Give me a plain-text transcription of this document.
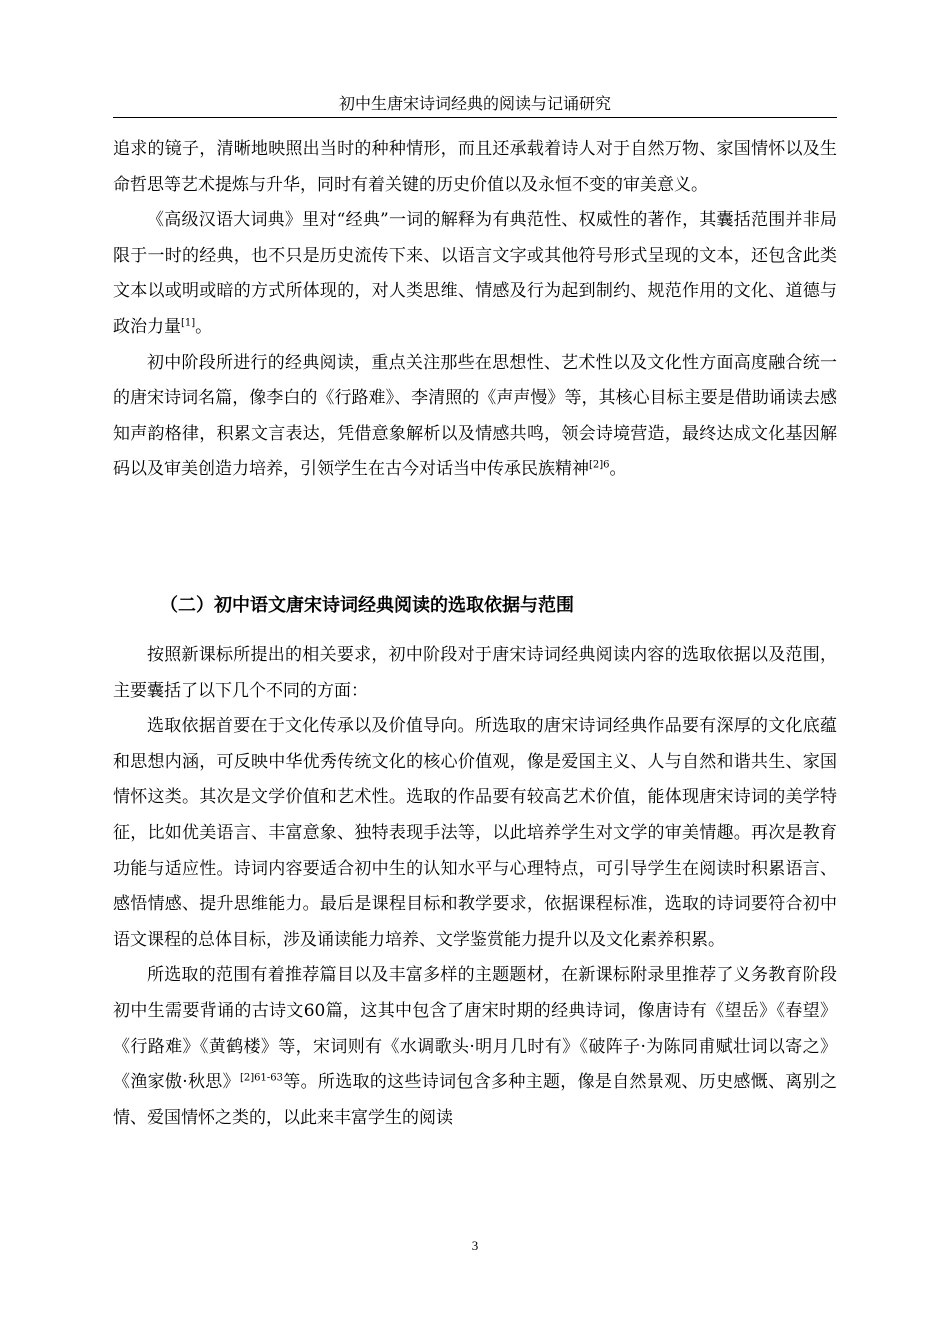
初中生唐宋诗词经典的阅读与记诵研究

追求的镜子，清晰地映照出当时的种种情形，而且还承载着诗人对于自然万物、家国情怀以及生命哲思等艺术提炼与升华，同时有着关键的历史价值以及永恒不变的审美意义。

《高级汉语大词典》里对“经典”一词的解释为有典范性、权威性的著作，其囊括范围并非局限于一时的经典，也不只是历史流传下来、以语言文字或其他符号形式呈现的文本，还包含此类文本以或明或暗的方式所体现的，对人类思维、情感及行为起到制约、规范作用的文化、道德与政治力量[1]。

初中阶段所进行的经典阅读，重点关注那些在思想性、艺术性以及文化性方面高度融合统一的唐宋诗词名篇，像李白的《行路难》、李清照的《声声慢》等，其核心目标主要是借助诵读去感知声韵格律，积累文言表达，凭借意象解析以及情感共鸣，领会诗境营造，最终达成文化基因解码以及审美创造力培养，引领学生在古今对话当中传承民族精神$^{[2]6}$。

（二）初中语文唐宋诗词经典阅读的选取依据与范围

按照新课标所提出的相关要求，初中阶段对于唐宋诗词经典阅读内容的选取依据以及范围，主要囊括了以下几个不同的方面：

选取依据首要在于文化传承以及价值导向。所选取的唐宋诗词经典作品要有深厚的文化底蕴和思想内涵，可反映中华优秀传统文化的核心价值观，像是爱国主义、人与自然和谐共生、家国情怀这类。其次是文学价值和艺术性。选取的作品要有较高艺术价值，能体现唐宋诗词的美学特征，比如优美语言、丰富意象、独特表现手法等，以此培养学生对文学的审美情趣。再次是教育功能与适应性。诗词内容要适合初中生的认知水平与心理特点，可引导学生在阅读时积累语言、感悟情感、提升思维能力。最后是课程目标和教学要求，依据课程标准，选取的诗词要符合初中语文课程的总体目标，涉及诵读能力培养、文学鉴赏能力提升以及文化素养积累。

所选取的范围有着推荐篇目以及丰富多样的主题题材，在新课标附录里推荐了义务教育阶段初中生需要背诵的古诗文60篇，这其中包含了唐宋时期的经典诗词，像唐诗有《望岳》《春望》《行路难》《黄鹤楼》等，宋词则有《水调歌头·明月几时有》《破阵子·为陈同甫赋壮词以寄之》《渔家傲·秋思》$^{[2]61-63}$等。所选取的这些诗词包含多种主题，像是自然景观、历史感慨、离别之情、爱国情怀之类的，以此来丰富学生的阅读

3
